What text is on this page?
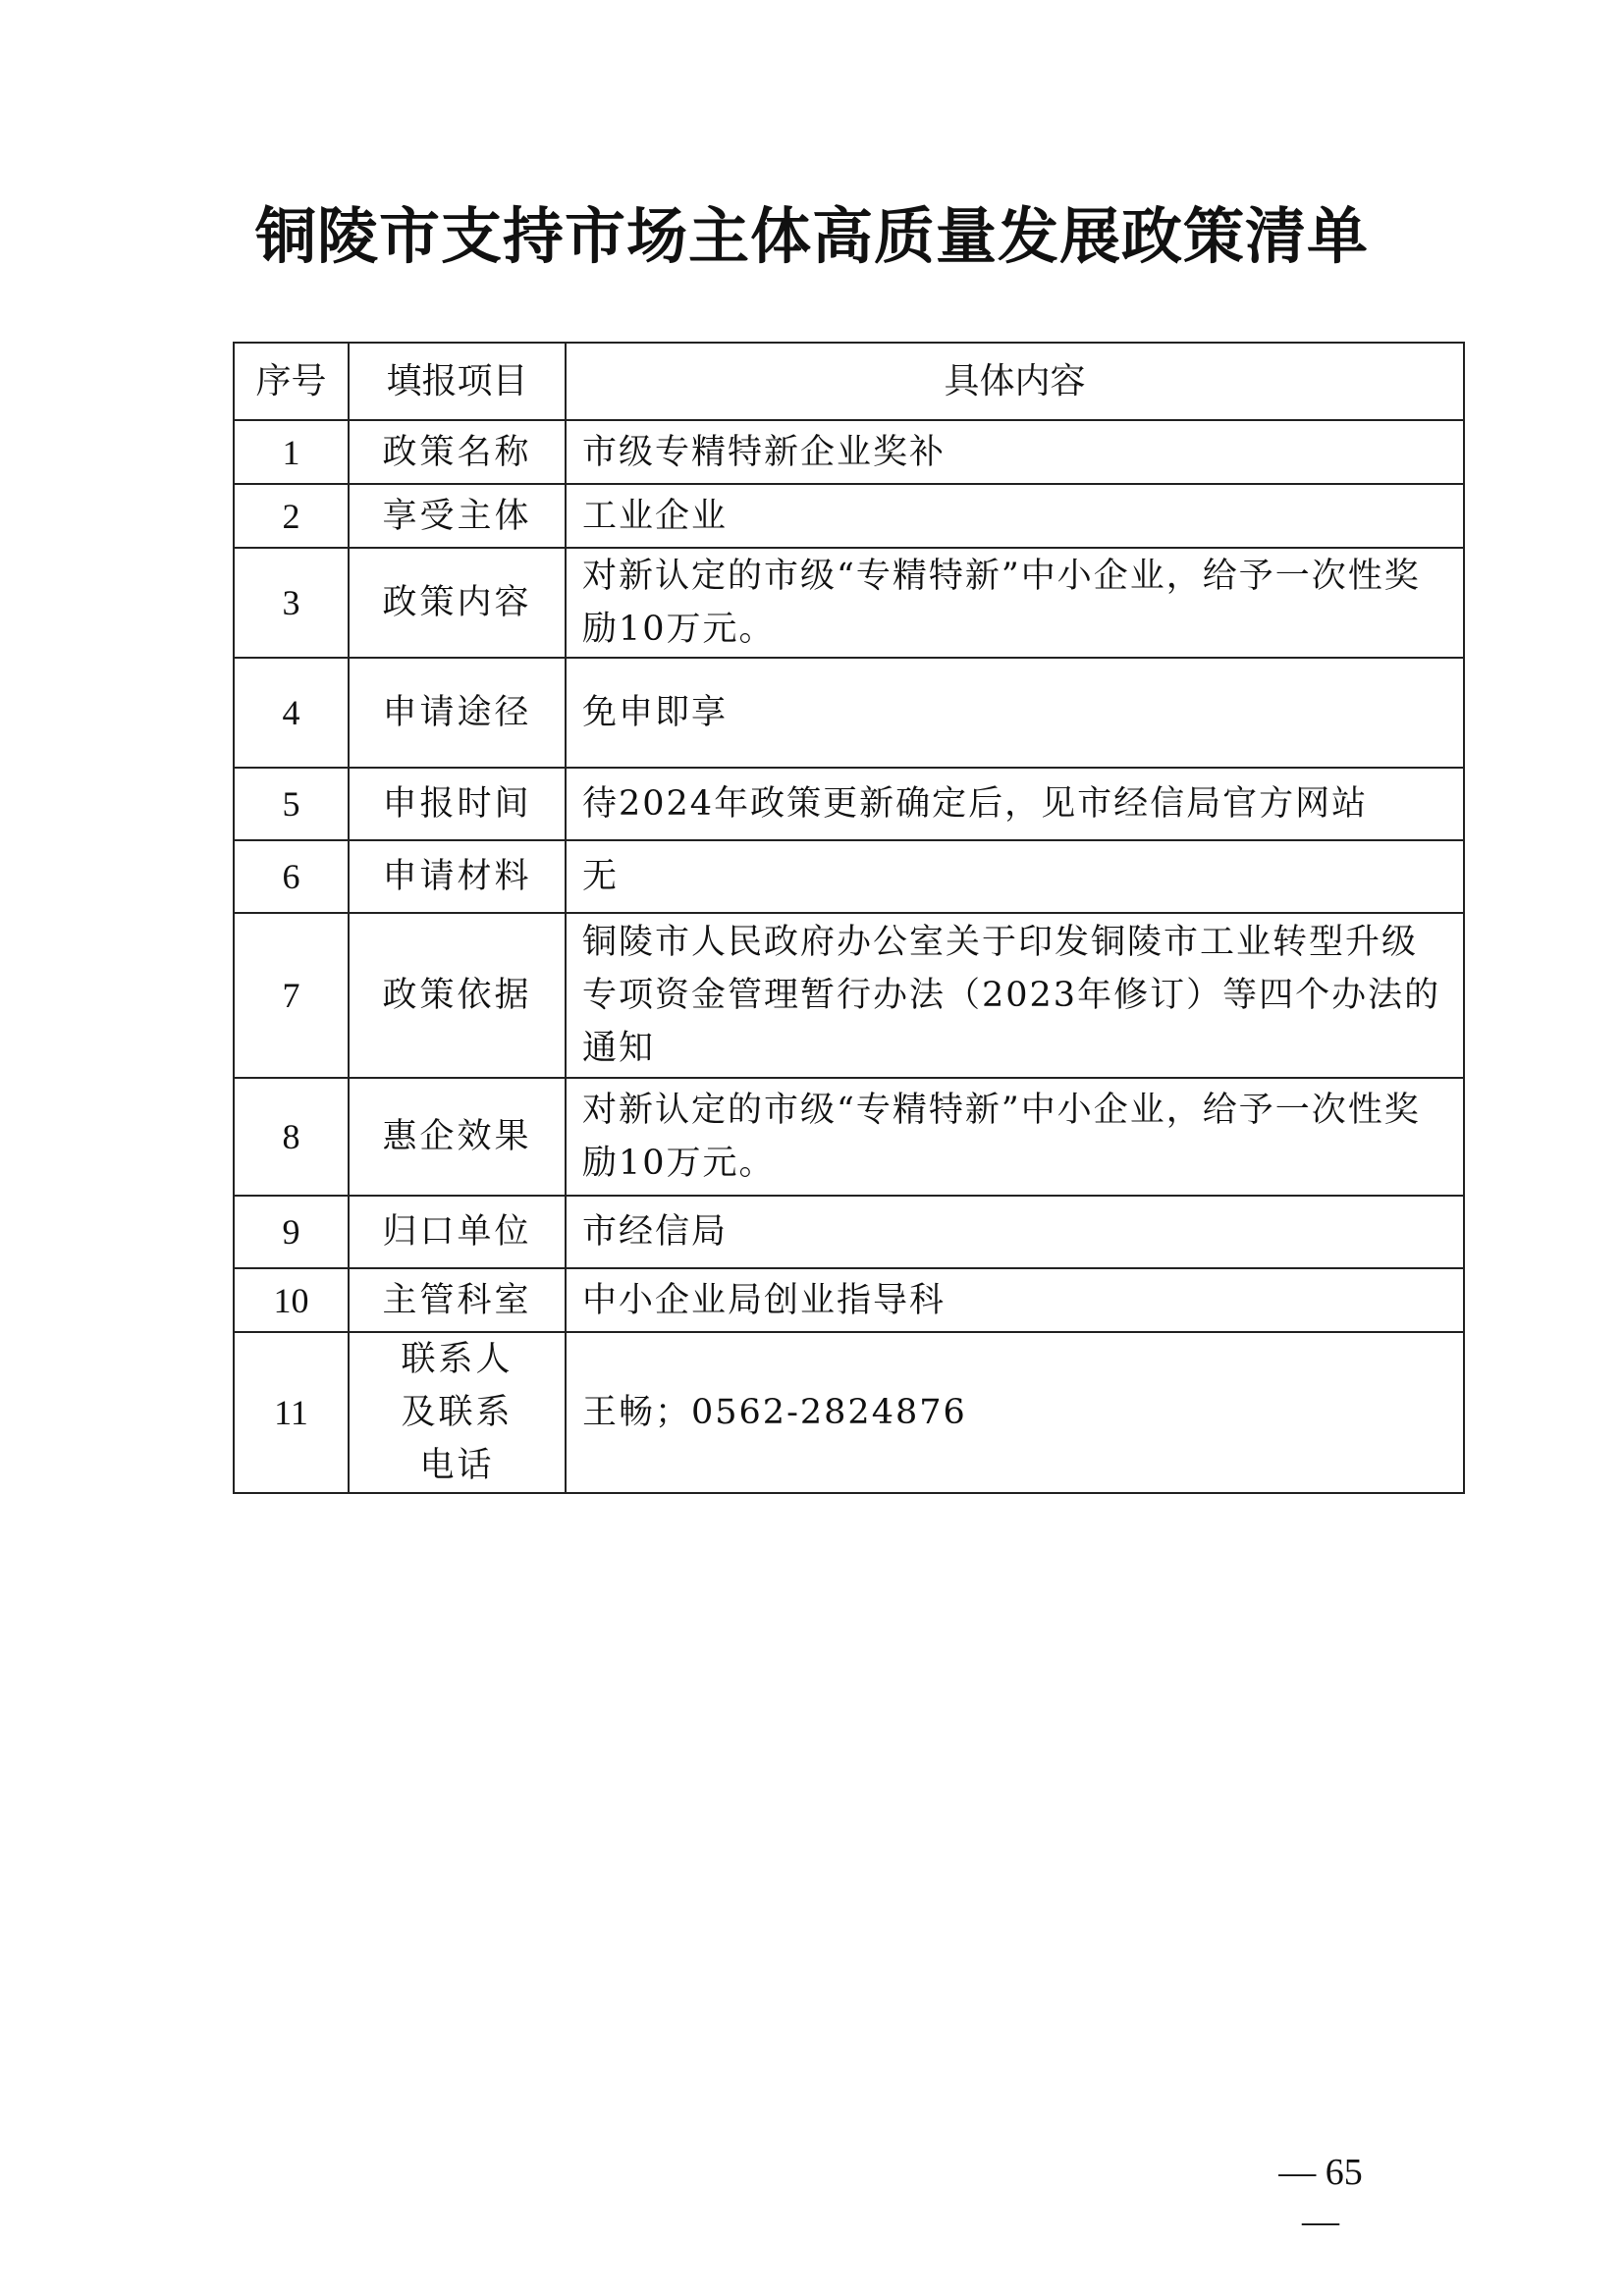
铜陵市支持市场主体高质量发展政策清单
序号	填报项目	具体内容
1	政策名称	市级专精特新企业奖补
2	享受主体	工业企业
3	政策内容	对新认定的市级“专精特新”中小企业，给予一次性奖励10万元。
4	申请途径	免申即享
5	申报时间	待2024年政策更新确定后，见市经信局官方网站
6	申请材料	无
7	政策依据	铜陵市人民政府办公室关于印发铜陵市工业转型升级专项资金管理暂行办法（2023年修订）等四个办法的通知
8	惠企效果	对新认定的市级“专精特新”中小企业，给予一次性奖励10万元。
9	归口单位	市经信局
10	主管科室	中小企业局创业指导科
11	联系人及联系电话	王畅；0562-2824876
— 65 —
